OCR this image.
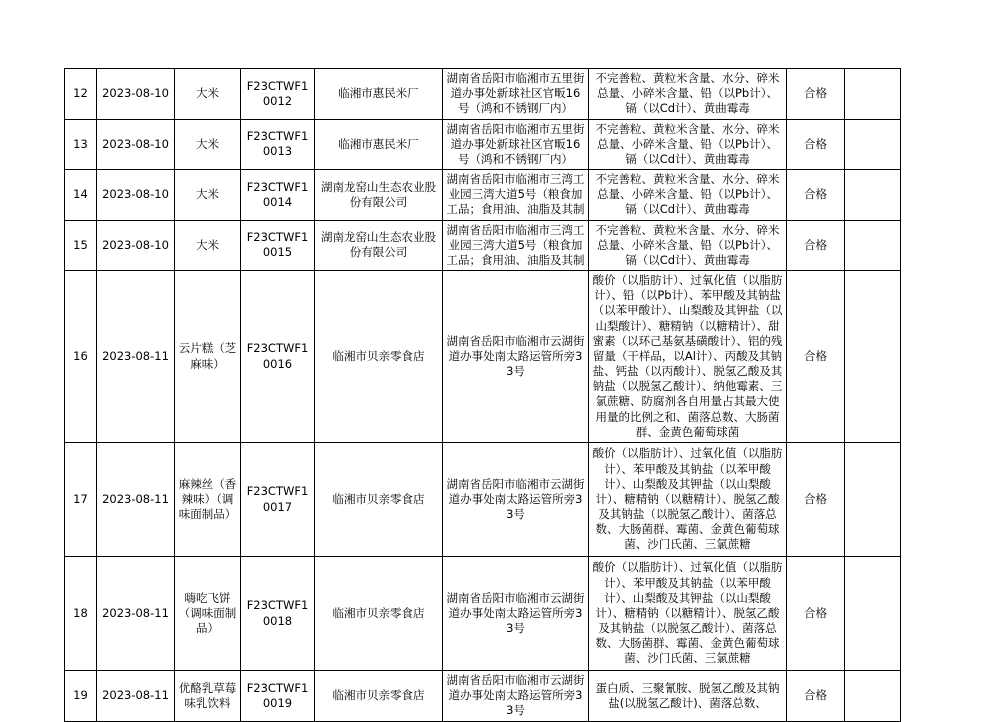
12	2023-08-10	大米	F23CTWF10012	临湘市惠民米厂	湖南省岳阳市临湘市五里街道办事处新球社区官畈16号（鸿和不锈钢厂内）	不完善粒、黄粒米含量、水分、碎米总量、小碎米含量、铅（以Pb计）、镉（以Cd计）、黄曲霉毒	合格	
13	2023-08-10	大米	F23CTWF10013	临湘市惠民米厂	湖南省岳阳市临湘市五里街道办事处新球社区官畈16号（鸿和不锈钢厂内）	不完善粒、黄粒米含量、水分、碎米总量、小碎米含量、铅（以Pb计）、镉（以Cd计）、黄曲霉毒	合格	
14	2023-08-10	大米	F23CTWF10014	湖南龙窑山生态农业股份有限公司	湖南省岳阳市临湘市三湾工业园三湾大道5号（粮食加工品；食用油、油脂及其制	不完善粒、黄粒米含量、水分、碎米总量、小碎米含量、铅（以Pb计）、镉（以Cd计）、黄曲霉毒	合格	
15	2023-08-10	大米	F23CTWF10015	湖南龙窑山生态农业股份有限公司	湖南省岳阳市临湘市三湾工业园三湾大道5号（粮食加工品；食用油、油脂及其制	不完善粒、黄粒米含量、水分、碎米总量、小碎米含量、铅（以Pb计）、镉（以Cd计）、黄曲霉毒	合格	
16	2023-08-11	云片糕（芝麻味）	F23CTWF10016	临湘市贝亲零食店	湖南省岳阳市临湘市云湖街道办事处南太路运管所旁33号	酸价（以脂肪计）、过氧化值（以脂肪计）、铅（以Pb计）、苯甲酸及其钠盐（以苯甲酸计）、山梨酸及其钾盐（以山梨酸计）、糖精钠（以糖精计）、甜蜜素（以环己基氨基磺酸计）、铝的残留量（干样品，以Al计）、丙酸及其钠盐、钙盐（以丙酸计）、脱氢乙酸及其钠盐（以脱氢乙酸计）、纳他霉素、三氯蔗糖、防腐剂各自用量占其最大使用量的比例之和、菌落总数、大肠菌群、金黄色葡萄球菌	合格	
17	2023-08-11	麻辣丝（香辣味）（调味面制品）	F23CTWF10017	临湘市贝亲零食店	湖南省岳阳市临湘市云湖街道办事处南太路运管所旁33号	酸价（以脂肪计）、过氧化值（以脂肪计）、苯甲酸及其钠盐（以苯甲酸计）、山梨酸及其钾盐（以山梨酸计）、糖精钠（以糖精计）、脱氢乙酸及其钠盐（以脱氢乙酸计）、菌落总数、大肠菌群、霉菌、金黄色葡萄球菌、沙门氏菌、三氯蔗糖	合格	
18	2023-08-11	嗨吃飞饼（调味面制品）	F23CTWF10018	临湘市贝亲零食店	湖南省岳阳市临湘市云湖街道办事处南太路运管所旁33号	酸价（以脂肪计）、过氧化值（以脂肪计）、苯甲酸及其钠盐（以苯甲酸计）、山梨酸及其钾盐（以山梨酸计）、糖精钠（以糖精计）、脱氢乙酸及其钠盐（以脱氢乙酸计）、菌落总数、大肠菌群、霉菌、金黄色葡萄球菌、沙门氏菌、三氯蔗糖	合格	
19	2023-08-11	优酪乳草莓味乳饮料	F23CTWF10019	临湘市贝亲零食店	湖南省岳阳市临湘市云湖街道办事处南太路运管所旁33号	蛋白质、三聚氰胺、脱氢乙酸及其钠盐(以脱氢乙酸计)、菌落总数、	合格	
